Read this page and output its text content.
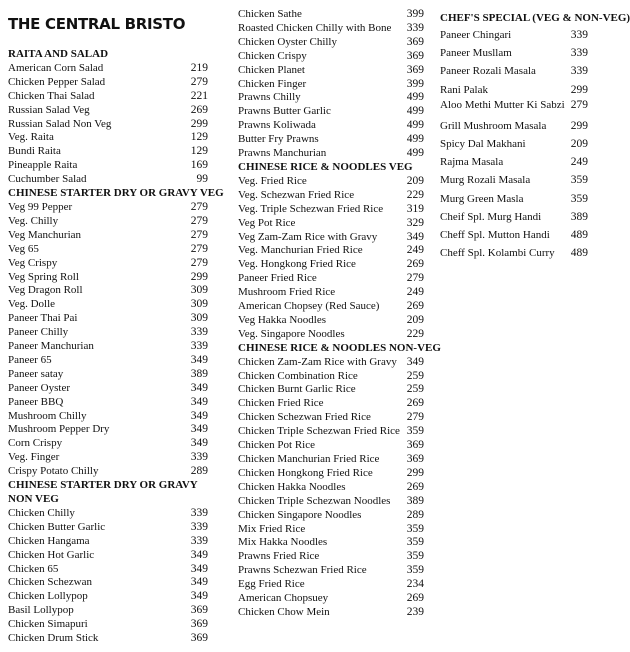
THE CENTRAL BRISTO
RAITA AND SALAD
American Corn Salad	219
Chicken Pepper Salad	279
Chicken Thai Salad	221
Russian Salad Veg	269
Russian Salad Non Veg	299
Veg. Raita	129
Bundi Raita	129
Pineapple Raita	169
Cuchumber Salad	99
CHINESE STARTER DRY OR GRAVY VEG
Veg 99 Pepper	279
Veg. Chilly	279
Veg Manchurian	279
Veg 65	279
Veg Crispy	279
Veg Spring Roll	299
Veg Dragon Roll	309
Veg. Dolle	309
Paneer Thai Pai	309
Paneer Chilly	339
Paneer Manchurian	339
Paneer 65	349
Paneer satay	389
Paneer Oyster	349
Paneer BBQ	349
Mushroom Chilly	349
Mushroom Pepper Dry	349
Corn Crispy	349
Veg. Finger	339
Crispy Potato Chilly	289
CHINESE STARTER DRY OR GRAVY NON VEG
Chicken Chilly	339
Chicken Butter Garlic	339
Chicken Hangama	339
Chicken Hot Garlic	349
Chicken 65	349
Chicken Schezwan	349
Chicken Lollypop	349
Basil Lollypop	369
Chicken Simapuri	369
Chicken Drum Stick	369
Chicken Sathe	399
Roasted Chicken Chilly with Bone 339
Chicken Oyster Chilly	369
Chicken Crispy	369
Chicken Planet	369
Chicken Finger	399
Prawns Chilly	499
Prawns Butter Garlic	499
Prawns Koliwada	499
Butter Fry Prawns	499
Prawns Manchurian	499
CHINESE RICE & NOODLES VEG
Veg. Fried Rice	209
Veg. Schezwan Fried Rice	229
Veg. Triple Schezwan Fried Rice 319
Veg Pot Rice	329
Veg Zam-Zam Rice with Gravy	349
Veg. Manchurian Fried Rice	249
Veg. Hongkong Fried Rice	269
Paneer Fried Rice	279
Mushroom Fried Rice	249
American Chopsey (Red Sauce) 269
Veg Hakka Noodles	209
Veg. Singapore Noodles	229
CHINESE RICE & NOODLES NON-VEG
Chicken Zam-Zam Rice with Gravy 349
Chicken Combination Rice	259
Chicken Burnt Garlic Rice	259
Chicken Fried Rice	269
Chicken Schezwan Fried Rice	279
Chicken Triple Schezwan Fried Rice 359
Chicken Pot Rice	369
Chicken Manchurian Fried Rice 369
Chicken Hongkong Fried Rice	299
Chicken Hakka Noodles	269
Chicken Triple Schezwan Noodles 389
Chicken Singapore Noodles	289
Mix Fried Rice	359
Mix Hakka Noodles	359
Prawns Fried Rice	359
Prawns Schezwan Fried Rice	359
Egg Fried Rice	234
American Chopsuey	269
Chicken Chow Mein	239
CHEF'S SPECIAL (VEG & NON-VEG)
Paneer Chingari	339
Paneer Musllam	339
Paneer Rozali Masala	339
Rani Palak	299
Aloo Methi Mutter Ki Sabzi 279
Grill Mushroom Masala 299
Spicy Dal Makhani	209
Rajma Masala	249
Murg Rozali Masala	359
Murg Green Masla	359
Cheif Spl. Murg Handi	389
Cheff Spl. Mutton Handi 489
Cheff Spl. Kolambi Curry 489
